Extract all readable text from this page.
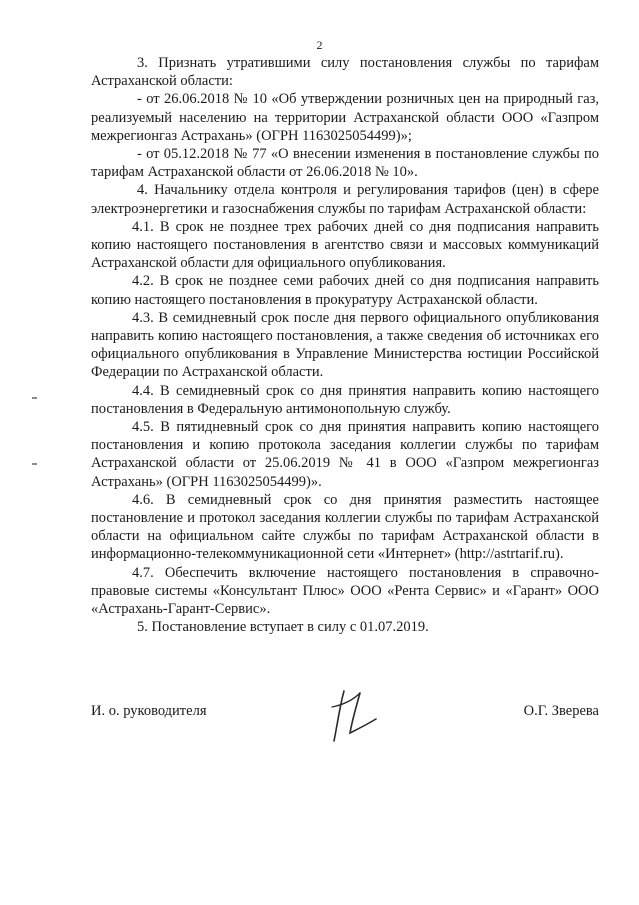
2

3. Признать утратившими силу постановления службы по тарифам Астраханской области:

- от 26.06.2018 № 10 «Об утверждении розничных цен на природный газ, реализуемый населению на территории Астраханской области ООО «Газпром межрегионгаз Астрахань» (ОГРН 1163025054499)»;

- от 05.12.2018 № 77 «О внесении изменения в постановление службы по тарифам Астраханской области от 26.06.2018 № 10».

4. Начальнику отдела контроля и регулирования тарифов (цен) в сфере электроэнергетики и газоснабжения службы по тарифам Астраханской области:

4.1. В срок не позднее трех рабочих дней со дня подписания направить копию настоящего постановления в агентство связи и массовых коммуникаций Астраханской области для официального опубликования.

4.2. В срок не позднее семи рабочих дней со дня подписания направить копию настоящего постановления в прокуратуру Астраханской области.

4.3. В семидневный срок после дня первого официального опубликования направить копию настоящего постановления, а также сведения об источниках его официального опубликования в Управление Министерства юстиции Российской Федерации по Астраханской области.

4.4. В семидневный срок со дня принятия направить копию настоящего постановления в Федеральную антимонопольную службу.

4.5. В пятидневный срок со дня принятия направить копию настоящего постановления и копию протокола заседания коллегии службы по тарифам Астраханской области от 25.06.2019 № 41 в ООО «Газпром межрегионгаз Астрахань» (ОГРН 1163025054499)».

4.6. В семидневный срок со дня принятия разместить настоящее постановление и протокол заседания коллегии службы по тарифам Астраханской области на официальном сайте службы по тарифам Астраханской области в информационно-телекоммуникационной сети «Интернет» (http://astrtarif.ru).

4.7. Обеспечить включение настоящего постановления в справочно-правовые системы «Консультант Плюс» ООО «Рента Сервис» и «Гарант» ООО «Астрахань-Гарант-Сервис».

5. Постановление вступает в силу с 01.07.2019.

И. о. руководителя	О.Г. Зверева
